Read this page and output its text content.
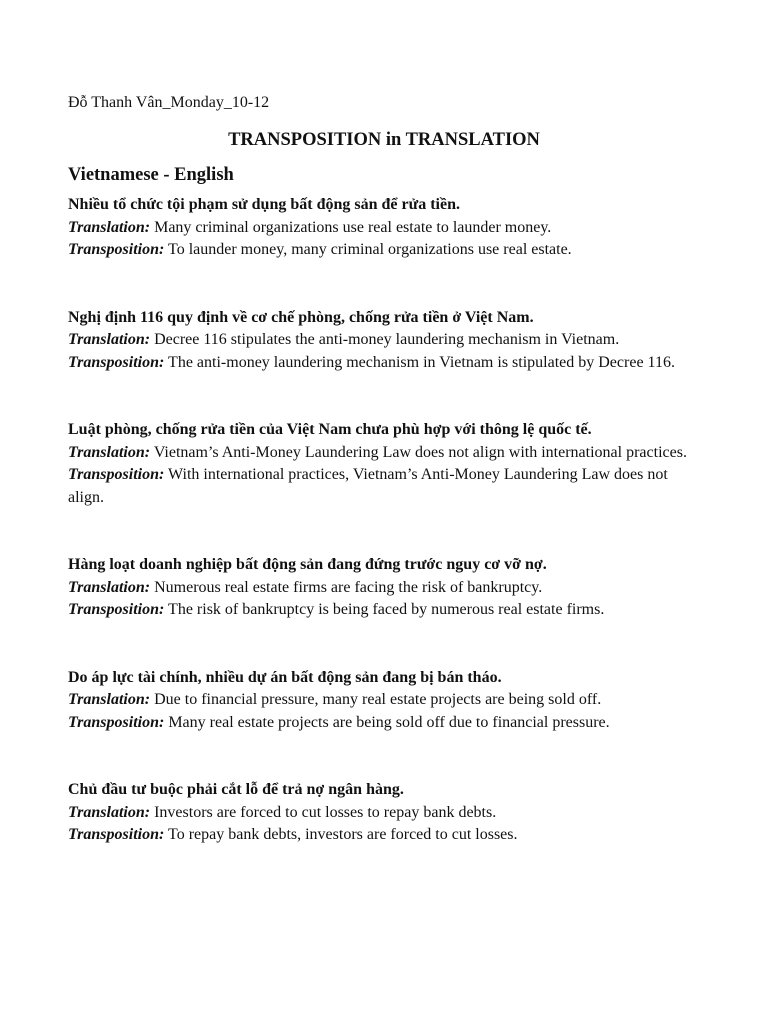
Đỗ Thanh Vân_Monday_10-12

TRANSPOSITION in TRANSLATION
Vietnamese - English

Nhiều tổ chức tội phạm sử dụng bất động sản để rửa tiền.

Translation: Many criminal organizations use real estate to launder money.

Transposition: To launder money, many criminal organizations use real estate.

Nghị định 116 quy định về cơ chế phòng, chống rửa tiền ở Việt Nam.

Translation: Decree 116 stipulates the anti-money laundering mechanism in Vietnam.

Transposition: The anti-money laundering mechanism in Vietnam is stipulated by Decree 116.

Luật phòng, chống rửa tiền của Việt Nam chưa phù hợp với thông lệ quốc tế.

Translation: Vietnam’s Anti-Money Laundering Law does not align with international practices.

Transposition: With international practices, Vietnam’s Anti-Money Laundering Law does not align.

Hàng loạt doanh nghiệp bất động sản đang đứng trước nguy cơ vỡ nợ.

Translation: Numerous real estate firms are facing the risk of bankruptcy.

Transposition: The risk of bankruptcy is being faced by numerous real estate firms.

Do áp lực tài chính, nhiều dự án bất động sản đang bị bán tháo.

Translation: Due to financial pressure, many real estate projects are being sold off.

Transposition: Many real estate projects are being sold off due to financial pressure.

Chủ đầu tư buộc phải cắt lỗ để trả nợ ngân hàng.

Translation: Investors are forced to cut losses to repay bank debts.

Transposition: To repay bank debts, investors are forced to cut losses.
